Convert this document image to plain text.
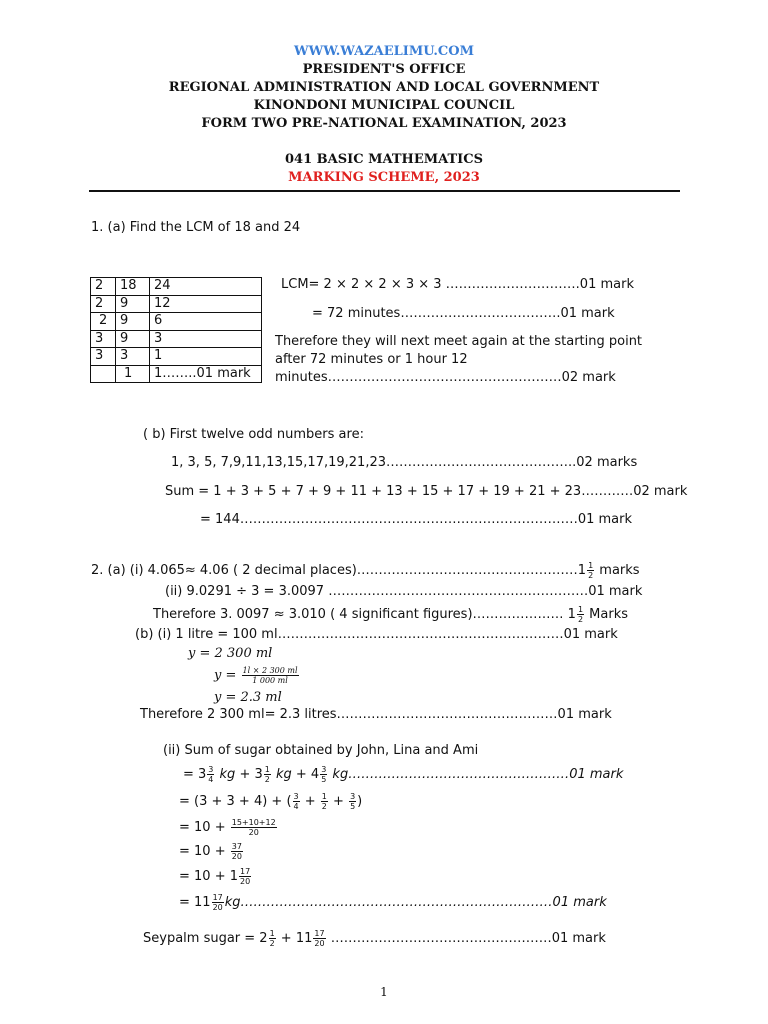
WWW.WAZAELIMU.COM
PRESIDENT'S OFFICE
REGIONAL ADMINISTRATION AND LOCAL GOVERNMENT
KINONDONI MUNICIPAL COUNCIL
FORM TWO PRE-NATIONAL EXAMINATION, 2023
041 BASIC MATHEMATICS
MARKING SCHEME, 2023
1. (a) Find the LCM of 18 and 24
2	18	24
2	9	12
2	9	6
3	9	3
3	3	1
	1	1……..01 mark
LCM= 2 × 2 × 2 × 3 × 3 ………………………….01 mark
= 72 minutes……………………………….01 mark
Therefore they will next meet again at the starting point
after 72 minutes or 1 hour 12
minutes………………………………………………02 mark
( b) First twelve odd numbers are:
1, 3, 5, 7,9,11,13,15,17,19,21,23……………………………………..02 marks
Sum = 1 + 3 + 5 + 7 + 9 + 11 + 13 + 15 + 17 + 19 + 21 + 23…………02 mark
= 144……………………………………………………………………01 mark
2. (a) (i) 4.065≈ 4.06 ( 2 decimal places)……………………………………………1 $\frac{1}{2}$ marks
(ii) 9.0291 ÷ 3 = 3.0097 ……………………………………………………01 mark
Therefore 3. 0097 ≈ 3.010 ( 4 significant figures)………………… $1 \frac{1}{2}$ Marks
(b) (i) 1 litre = 100 ml…………………………………………………………01 mark
y = 2 300 ml
$y = \frac{1l \times 2 300 ml}{1 000 ml}$
y = 2.3 ml
Therefore 2 300 ml= 2.3 litres……………………………………………01 mark
(ii) Sum of sugar obtained by John, Lina and Ami
= $3 \frac{3}{4}$ kg + $3 \frac{1}{2}$ kg + $4 \frac{3}{5}$ kg……………………………………………01 mark
= (3 + 3 + 4) + ( $\frac{3}{4} + \frac{1}{2} + \frac{3}{5}$ )
= $10 + \frac{15+10+12}{20}$
= $10 + \frac{37}{20}$
= $10 + 1 \frac{17}{20}$
= $11 \frac{17}{20}$ kg………………………………………………………………01 mark
Seypalm sugar = $2 \frac{1}{2} + 11 \frac{17}{20}$ ……………………………………………01 mark
1
